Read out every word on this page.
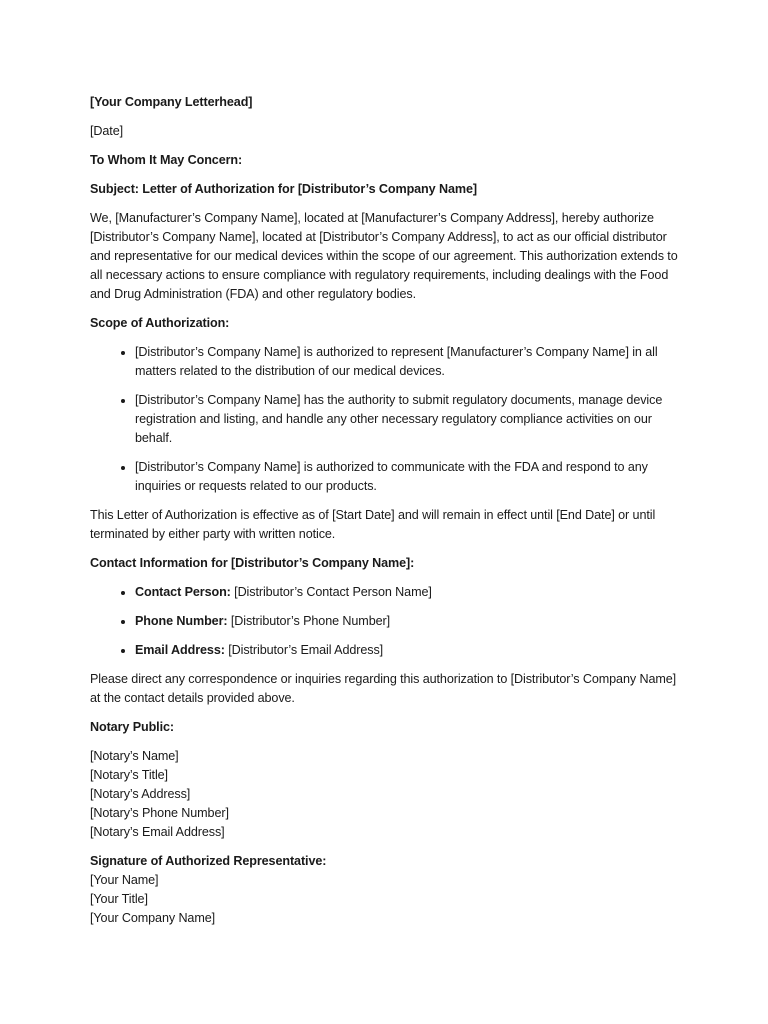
[Your Company Letterhead]

[Date]

To Whom It May Concern:

Subject: Letter of Authorization for [Distributor’s Company Name]

We, [Manufacturer’s Company Name], located at [Manufacturer’s Company Address], hereby authorize [Distributor’s Company Name], located at [Distributor’s Company Address], to act as our official distributor and representative for our medical devices within the scope of our agreement. This authorization extends to all necessary actions to ensure compliance with regulatory requirements, including dealings with the Food and Drug Administration (FDA) and other regulatory bodies.

Scope of Authorization:

• [Distributor’s Company Name] is authorized to represent [Manufacturer’s Company Name] in all matters related to the distribution of our medical devices.
• [Distributor’s Company Name] has the authority to submit regulatory documents, manage device registration and listing, and handle any other necessary regulatory compliance activities on our behalf.
• [Distributor’s Company Name] is authorized to communicate with the FDA and respond to any inquiries or requests related to our products.

This Letter of Authorization is effective as of [Start Date] and will remain in effect until [End Date] or until terminated by either party with written notice.

Contact Information for [Distributor’s Company Name]:

• Contact Person: [Distributor’s Contact Person Name]
• Phone Number: [Distributor’s Phone Number]
• Email Address: [Distributor’s Email Address]

Please direct any correspondence or inquiries regarding this authorization to [Distributor’s Company Name] at the contact details provided above.

Notary Public:

[Notary’s Name]
[Notary’s Title]
[Notary’s Address]
[Notary’s Phone Number]
[Notary’s Email Address]

Signature of Authorized Representative:
[Your Name]
[Your Title]
[Your Company Name]
